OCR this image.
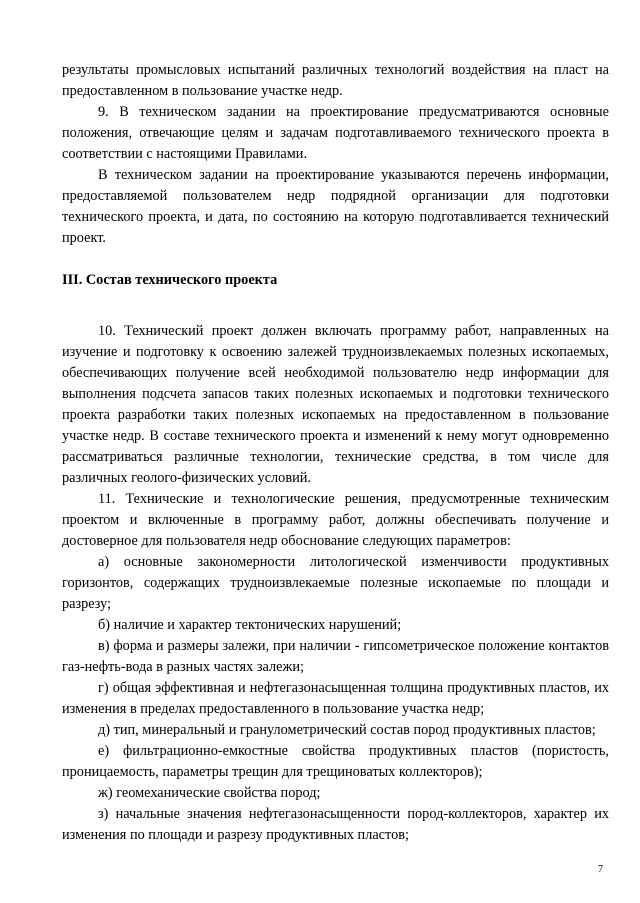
результаты промысловых испытаний различных технологий воздействия на пласт на предоставленном в пользование участке недр.

9. В техническом задании на проектирование предусматриваются основные положения, отвечающие целям и задачам подготавливаемого технического проекта в соответствии с настоящими Правилами.

В техническом задании на проектирование указываются перечень информации, предоставляемой пользователем недр подрядной организации для подготовки технического проекта, и дата, по состоянию на которую подготавливается технический проект.

III. Состав технического проекта

10. Технический проект должен включать программу работ, направленных на изучение и подготовку к освоению залежей трудноизвлекаемых полезных ископаемых, обеспечивающих получение всей необходимой пользователю недр информации для выполнения подсчета запасов таких полезных ископаемых и подготовки технического проекта разработки таких полезных ископаемых на предоставленном в пользование участке недр. В составе технического проекта и изменений к нему могут одновременно рассматриваться различные технологии, технические средства, в том числе для различных геолого-физических условий.

11. Технические и технологические решения, предусмотренные техническим проектом и включенные в программу работ, должны обеспечивать получение и достоверное для пользователя недр обоснование следующих параметров:

а) основные закономерности литологической изменчивости продуктивных горизонтов, содержащих трудноизвлекаемые полезные ископаемые по площади и разрезу;

б) наличие и характер тектонических нарушений;

в) форма и размеры залежи, при наличии - гипсометрическое положение контактов газ-нефть-вода в разных частях залежи;

г) общая эффективная и нефтегазонасыщенная толщина продуктивных пластов, их изменения в пределах предоставленного в пользование участка недр;

д) тип, минеральный и гранулометрический состав пород продуктивных пластов;

е) фильтрационно-емкостные свойства продуктивных пластов (пористость, проницаемость, параметры трещин для трещиноватых коллекторов);

ж) геомеханические свойства пород;

з) начальные значения нефтегазонасыщенности пород-коллекторов, характер их изменения по площади и разрезу продуктивных пластов;

7
